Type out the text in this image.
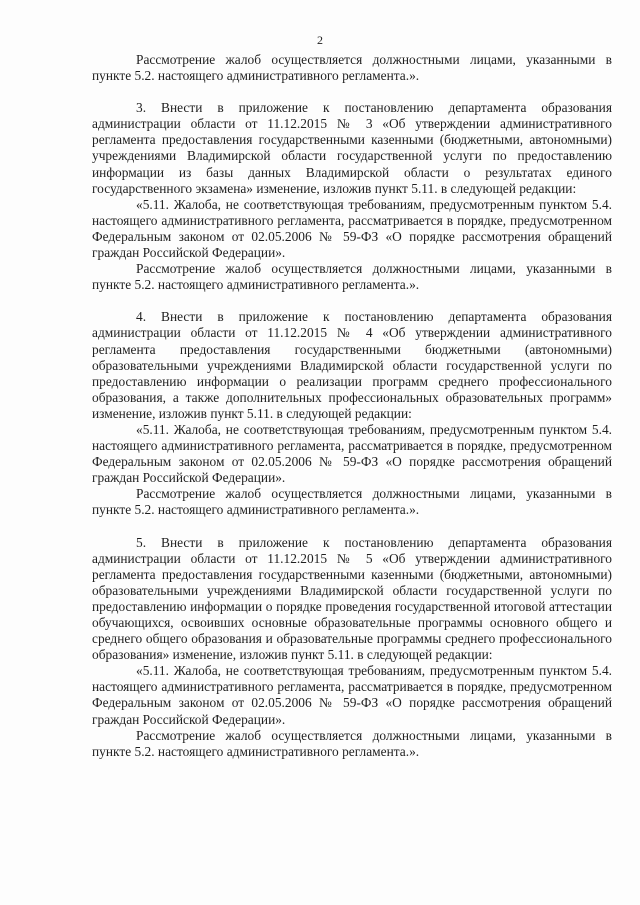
2

Рассмотрение жалоб осуществляется должностными лицами, указанными в пункте 5.2. настоящего административного регламента.».

3. Внести в приложение к постановлению департамента образования администрации области от 11.12.2015 № 3 «Об утверждении административного регламента предоставления государственными казенными (бюджетными, автономными) учреждениями Владимирской области государственной услуги по предоставлению информации из базы данных Владимирской области о результатах единого государственного экзамена» изменение, изложив пункт 5.11. в следующей редакции:

«5.11. Жалоба, не соответствующая требованиям, предусмотренным пунктом 5.4. настоящего административного регламента, рассматривается в порядке, предусмотренном Федеральным законом от 02.05.2006 № 59-ФЗ «О порядке рассмотрения обращений граждан Российской Федерации».

Рассмотрение жалоб осуществляется должностными лицами, указанными в пункте 5.2. настоящего административного регламента.».

4. Внести в приложение к постановлению департамента образования администрации области от 11.12.2015 № 4 «Об утверждении административного регламента предоставления государственными бюджетными (автономными) образовательными учреждениями Владимирской области государственной услуги по предоставлению информации о реализации программ среднего профессионального образования, а также дополнительных профессиональных образовательных программ» изменение, изложив пункт 5.11. в следующей редакции:

«5.11. Жалоба, не соответствующая требованиям, предусмотренным пунктом 5.4. настоящего административного регламента, рассматривается в порядке, предусмотренном Федеральным законом от 02.05.2006 № 59-ФЗ «О порядке рассмотрения обращений граждан Российской Федерации».

Рассмотрение жалоб осуществляется должностными лицами, указанными в пункте 5.2. настоящего административного регламента.».

5. Внести в приложение к постановлению департамента образования администрации области от 11.12.2015 № 5 «Об утверждении административного регламента предоставления государственными казенными (бюджетными, автономными) образовательными учреждениями Владимирской области государственной услуги по предоставлению информации о порядке проведения государственной итоговой аттестации обучающихся, освоивших основные образовательные программы основного общего и среднего общего образования и образовательные программы среднего профессионального образования» изменение, изложив пункт 5.11. в следующей редакции:

«5.11. Жалоба, не соответствующая требованиям, предусмотренным пунктом 5.4. настоящего административного регламента, рассматривается в порядке, предусмотренном Федеральным законом от 02.05.2006 № 59-ФЗ «О порядке рассмотрения обращений граждан Российской Федерации».

Рассмотрение жалоб осуществляется должностными лицами, указанными в пункте 5.2. настоящего административного регламента.».
